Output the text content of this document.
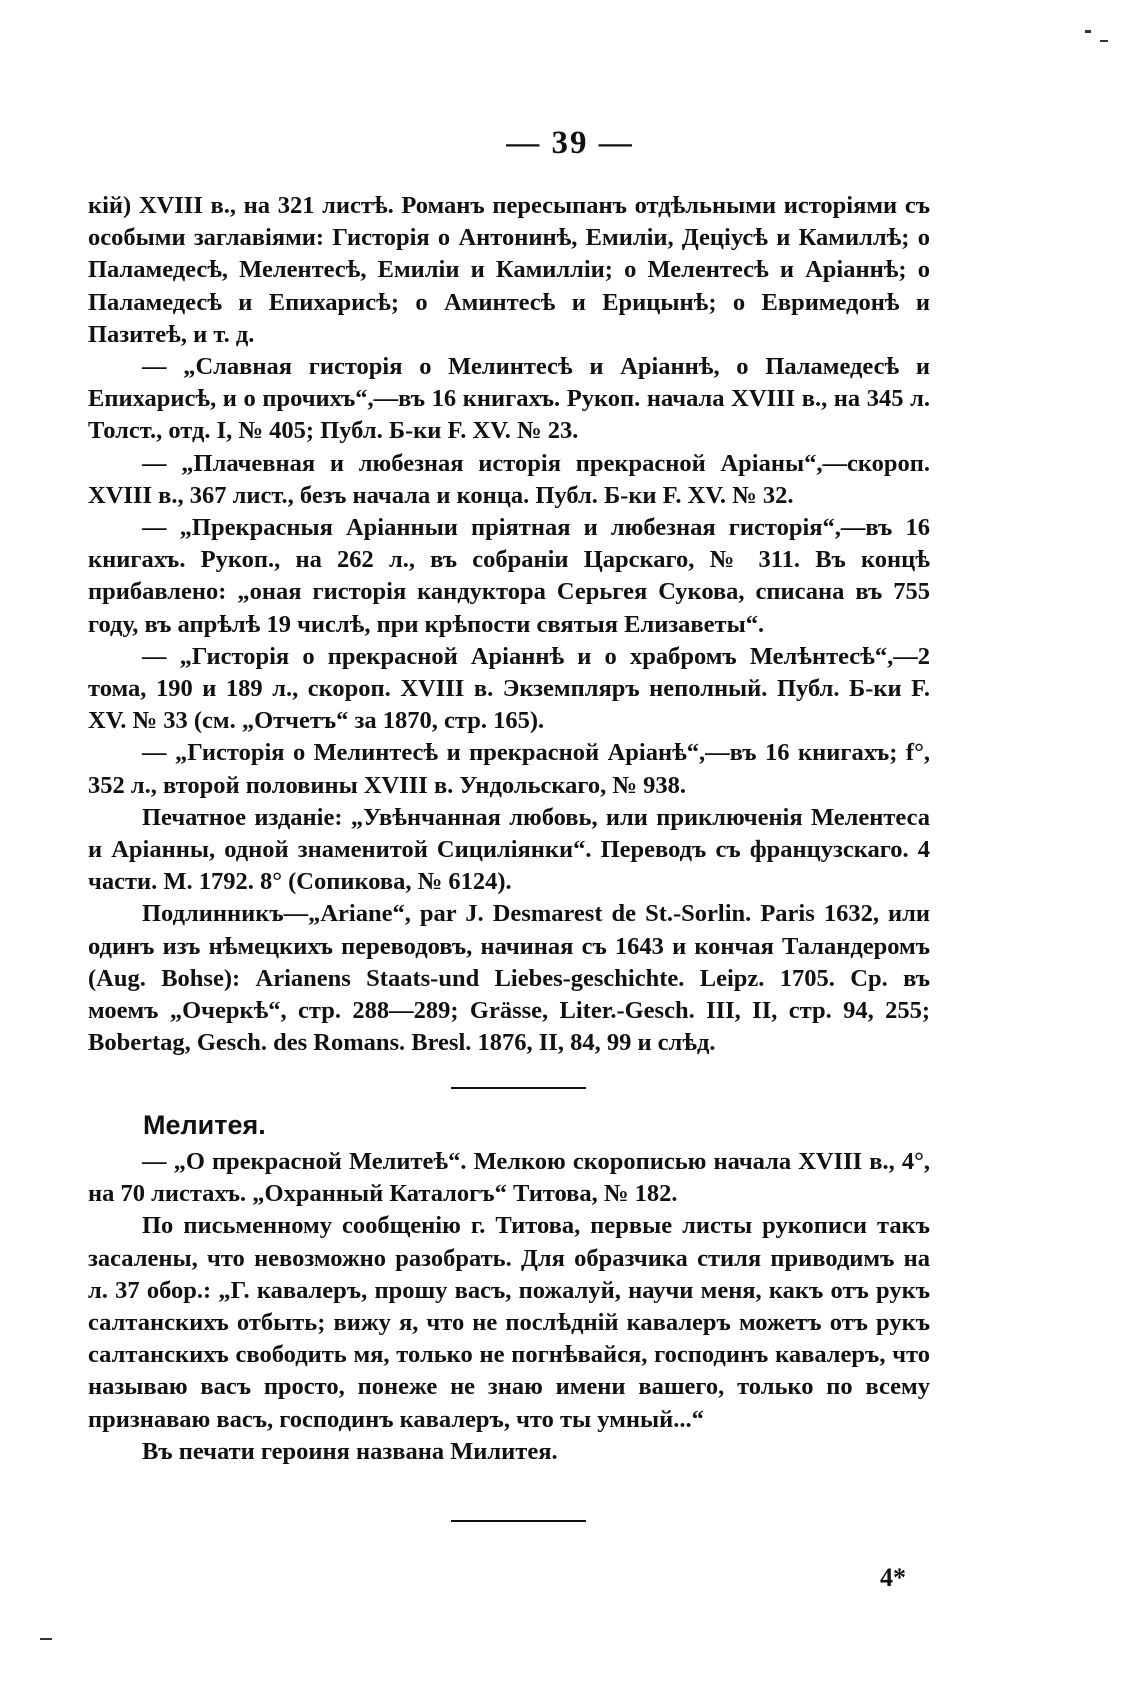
— 39 —

кій) XVIII в., на 321 листѣ. Романъ пересыпанъ отдѣльными исторіями съ особыми заглавіями: Гисторія о Антонинѣ, Емиліи, Децiусѣ и Камиллѣ; о Паламедесѣ, Мелентесѣ, Емилiи и Камилліи; о Мелентесѣ и Аріаннѣ; о Паламедесѣ и Епихарисѣ; о Аминтесѣ и Ерицынѣ; о Евримедонѣ и Пазитеѣ, и т. д.

— „Славная гисторія о Мелинтесѣ и Аріаннѣ, о Паламедесѣ и Епихарисѣ, и о прочихъ“,—въ 16 книгахъ. Рукоп. начала XVIII в., на 345 л. Толст., отд. I, № 405; Публ. Б-ки F. XV. № 23.

— „Плачевная и любезная исторія прекрасной Аріаны“,—скороп. XVIII в., 367 лист., безъ начала и конца. Публ. Б-ки F. XV. № 32.

— „Прекрасныя Аріанныи пріятная и любезная гисторія“,—въ 16 книгахъ. Рукоп., на 262 л., въ собраніи Царскаго, № 311. Въ концѣ прибавлено: „оная гисторія кандуктора Серьгея Сукова, списана въ 755 году, въ апрѣлѣ 19 числѣ, при крѣпости святыя Елизаветы“.

— „Гисторія о прекрасной Аріаннѣ и о храбромъ Мелѣнтесѣ“,—2 тома, 190 и 189 л., скороп. XVIII в. Экземпляръ неполный. Публ. Б-ки F. XV. № 33 (см. „Отчетъ“ за 1870, стр. 165).

— „Гисторія о Мелинтесѣ и прекрасной Аріанѣ“,—въ 16 книгахъ; f°, 352 л., второй половины XVIII в. Ундольскаго, № 938.

Печатное изданіе: „Увѣнчанная любовь, или приключенія Мелентеса и Аріанны, одной знаменитой Сициліянки“. Переводъ съ французскаго. 4 части. М. 1792. 8° (Сопикова, № 6124).

Подлинникъ—„Ariane“, par J. Desmarest de St.-Sorlin. Paris 1632, или одинъ изъ нѣмецкихъ переводовъ, начиная съ 1643 и кончая Таландеромъ (Aug. Bohse): Arianens Staats-und Liebes-geschichte. Leipz. 1705. Ср. въ моемъ „Очеркѣ“, стр. 288—289; Grässe, Liter.-Gesch. III, II, стр. 94, 255; Bobertag, Gesch. des Romans. Bresl. 1876, II, 84, 99 и слѣд.

Мелитея.

— „О прекрасной Мелитеѣ“. Мелкою скорописью начала XVIII в., 4°, на 70 листахъ. „Охранный Каталогъ“ Титова, № 182.

По письменному сообщенію г. Титова, первые листы рукописи такъ засалены, что невозможно разобрать. Для образчика стиля приводимъ на л. 37 обор.: „Г. кавалеръ, прошу васъ, пожалуй, научи меня, какъ отъ рукъ салтанскихъ отбыть; вижу я, что не послѣдній кавалеръ можетъ отъ рукъ салтанскихъ свободить мя, только не погнѣвайся, господинъ кавалеръ, что называю васъ просто, понеже не знаю имени вашего, только по всему признаваю васъ, господинъ кавалеръ, что ты умный...“

Въ печати героиня названа Милитея.

4*
